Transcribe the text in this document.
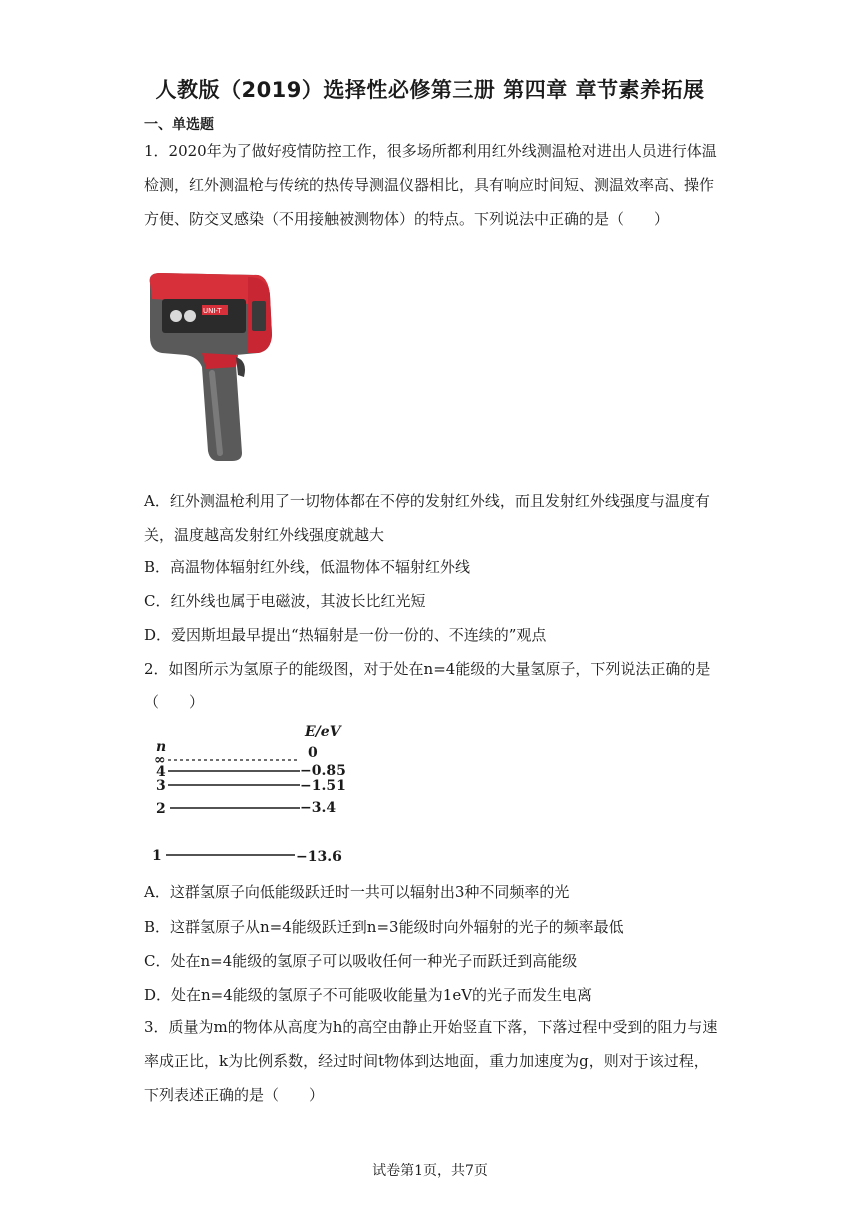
人教版（2019）选择性必修第三册 第四章 章节素养拓展
一、单选题

1．2020年为了做好疫情防控工作，很多场所都利用红外线测温枪对进出人员进行体温检测，红外测温枪与传统的热传导测温仪器相比，具有响应时间短、测温效率高、操作方便、防交叉感染（不用接触被测物体）的特点。下列说法中正确的是（　　）

UNI-T

A．红外测温枪利用了一切物体都在不停的发射红外线，而且发射红外线强度与温度有关，温度越高发射红外线强度就越大

B．高温物体辐射红外线，低温物体不辐射红外线
C．红外线也属于电磁波，其波长比红光短
D．爱因斯坦最早提出“热辐射是一份一份的、不连续的”观点
2．如图所示为氢原子的能级图，对于处在n=4能级的大量氢原子，下列说法正确的是
（　　）
E/eV
n
∞	0
4	−0.85
3	−1.51
2	−3.4
1	−13.6
A．这群氢原子向低能级跃迁时一共可以辐射出3种不同频率的光
B．这群氢原子从n=4能级跃迁到n=3能级时向外辐射的光子的频率最低
C．处在n=4能级的氢原子可以吸收任何一种光子而跃迁到高能级
D．处在n=4能级的氢原子不可能吸收能量为1eV的光子而发生电离

3．质量为m的物体从高度为h的高空由静止开始竖直下落，下落过程中受到的阻力与速率成正比，k为比例系数，经过时间t物体到达地面，重力加速度为g，则对于该过程，下列表述正确的是（　　）

试卷第1页，共7页
